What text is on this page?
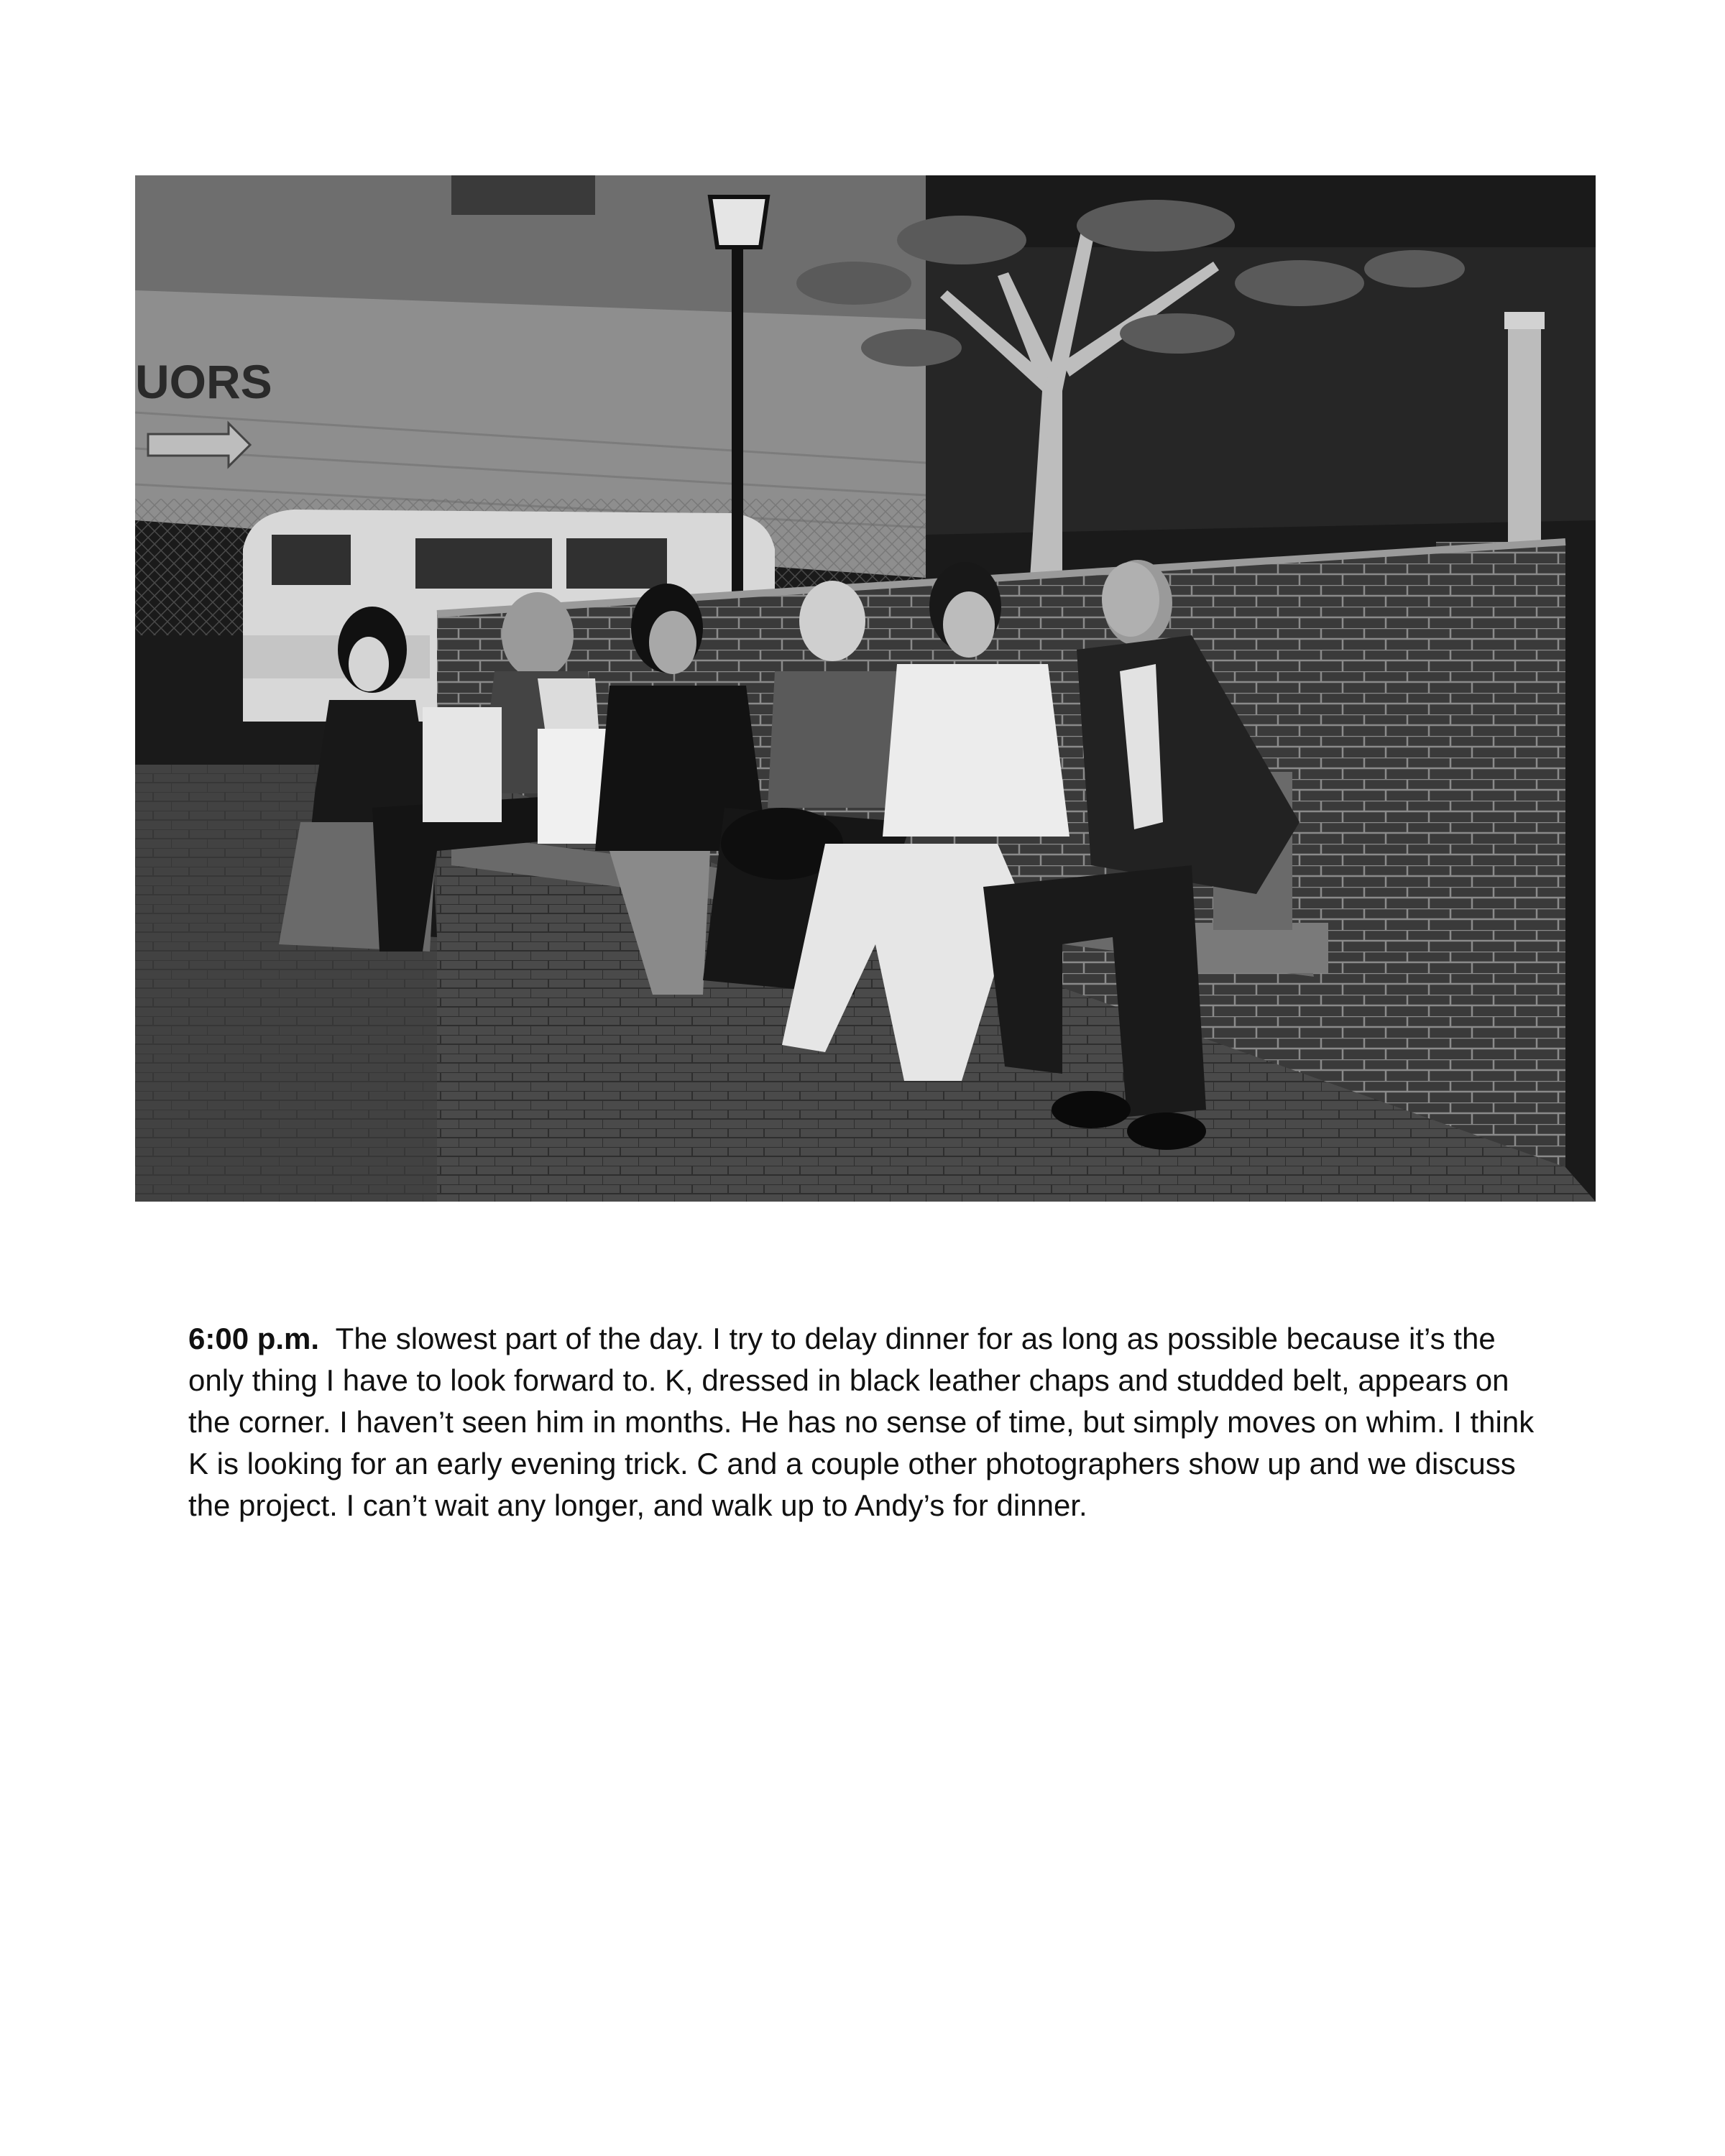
UORS

6:00 p.m. The slowest part of the day. I try to delay dinner for as long as possible because it’s the only thing I have to look forward to. K, dressed in black leather chaps and studded belt, appears on the corner. I haven’t seen him in months. He has no sense of time, but simply moves on whim. I think K is looking for an early evening trick. C and a couple other photographers show up and we discuss the project. I can’t wait any longer, and walk up to Andy’s for dinner.
